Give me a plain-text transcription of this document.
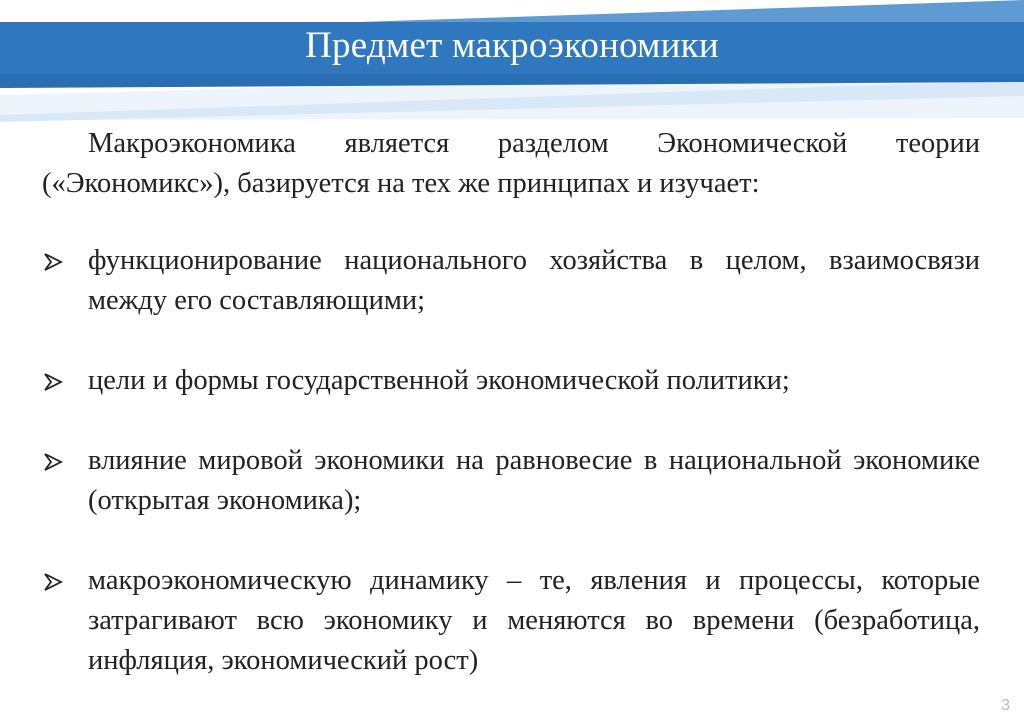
Предмет макроэкономики

Макроэкономика является разделом Экономической теории («Экономикс»), базируется на тех же принципах и изучает:

функционирование национального хозяйства в целом, взаимосвязи между его составляющими;
цели и формы государственной экономической политики;
влияние мировой экономики на равновесие в национальной экономике (открытая экономика);
макроэкономическую динамику – те, явления и процессы, которые затрагивают всю экономику и меняются во времени (безработица, инфляция, экономический рост)
3
